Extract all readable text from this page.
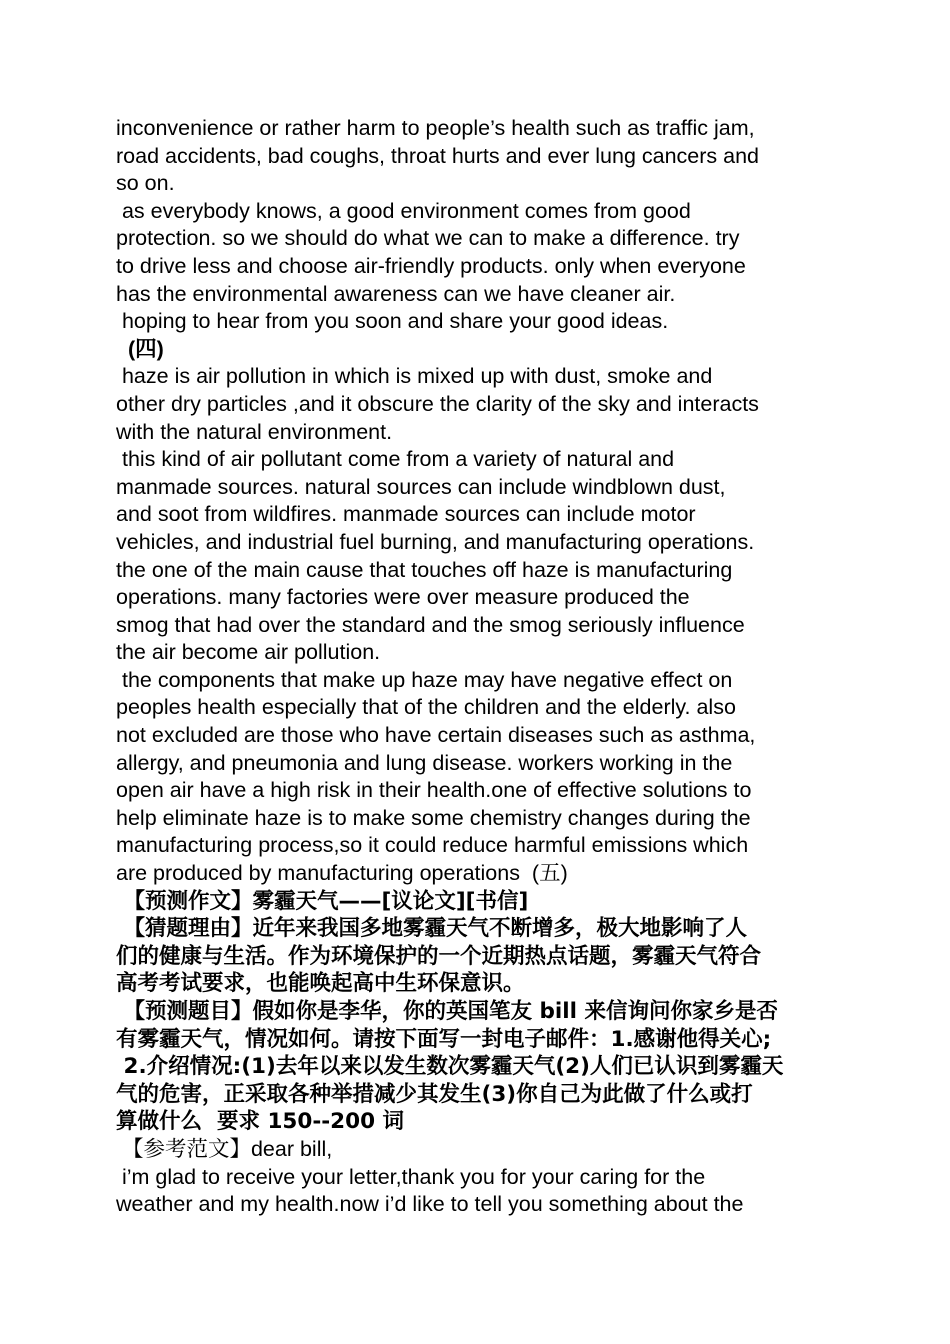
inconvenience or rather harm to people’s health such as traffic jam,
road accidents, bad coughs, throat hurts and ever lung cancers and
so on.
as everybody knows, a good environment comes from good
protection. so we should do what we can to make a difference. try
to drive less and choose air-friendly products. only when everyone
has the environmental awareness can we have cleaner air.
hoping to hear from you soon and share your good ideas.
(四)
haze is air pollution in which is mixed up with dust, smoke and
other dry particles ,and it obscure the clarity of the sky and interacts
with the natural environment.
this kind of air pollutant come from a variety of natural and
manmade sources. natural sources can include windblown dust,
and soot from wildfires. manmade sources can include motor
vehicles, and industrial fuel burning, and manufacturing operations.
the one of the main cause that touches off haze is manufacturing
operations. many factories were over measure produced the
smog that had over the standard and the smog seriously influence
the air become air pollution.
the components that make up haze may have negative effect on
peoples health especially that of the children and the elderly. also
not excluded are those who have certain diseases such as asthma,
allergy, and pneumonia and lung disease. workers working in the
open air have a high risk in their health.one of effective solutions to
help eliminate haze is to make some chemistry changes during the
manufacturing process,so it could reduce harmful emissions which
are produced by manufacturing operations  (五)
【预测作文】雾霾天气——[议论文][书信]
【猜题理由】近年来我国多地雾霾天气不断增多，极大地影响了人
们的健康与生活。作为环境保护的一个近期热点话题，雾霾天气符合
高考考试要求，也能唤起高中生环保意识。
【预测题目】假如你是李华，你的英国笔友 bill 来信询问你家乡是否
有雾霾天气，情况如何。请按下面写一封电子邮件：1.感谢他得关心;
2.介绍情况:(1)去年以来以发生数次雾霾天气(2)人们已认识到雾霾天
气的危害，正采取各种举措减少其发生(3)你自己为此做了什么或打
算做什么  要求 150--200 词
【参考范文】dear bill,
i’m glad to receive your letter,thank you for your caring for the
weather and my health.now i’d like to tell you something about the
